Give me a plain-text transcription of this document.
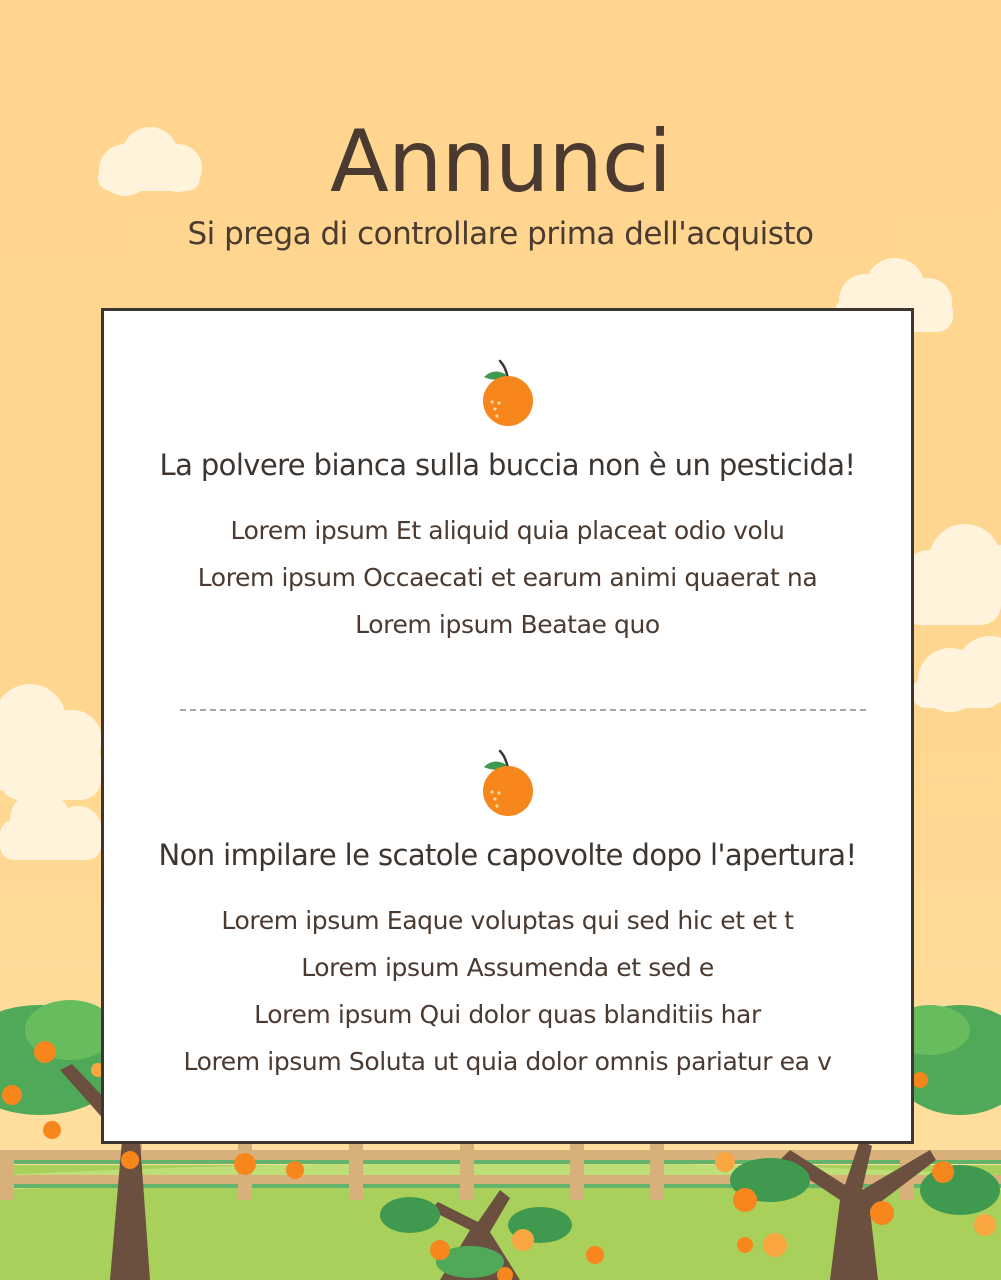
Annunci

Si prega di controllare prima dell'acquisto

La polvere bianca sulla buccia non è un pesticida!
Lorem ipsum Et aliquid quia placeat odio volu
Lorem ipsum Occaecati et earum animi quaerat na
Lorem ipsum Beatae quo
Non impilare le scatole capovolte dopo l'apertura!
Lorem ipsum Eaque voluptas qui sed hic et et t
Lorem ipsum Assumenda et sed e
Lorem ipsum Qui dolor quas blanditiis har
Lorem ipsum Soluta ut quia dolor omnis pariatur ea v
